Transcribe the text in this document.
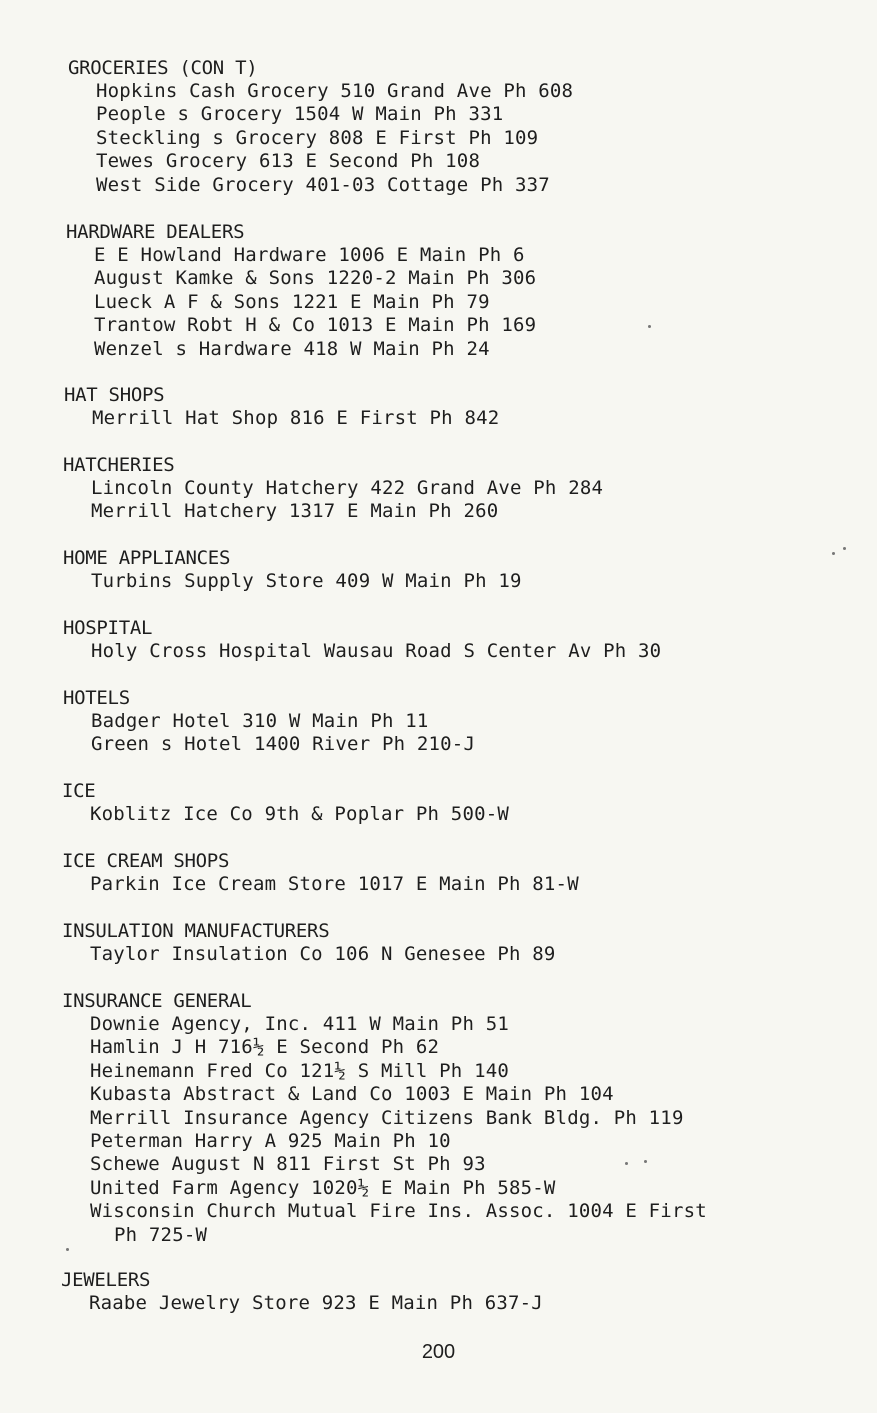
GROCERIES (CON T)

Hopkins Cash Grocery 510 Grand Ave Ph 608

People s Grocery 1504 W Main Ph 331

Steckling s Grocery 808 E First Ph 109

Tewes Grocery 613 E Second Ph 108

West Side Grocery 401-03 Cottage Ph 337

HARDWARE DEALERS

E E Howland Hardware 1006 E Main Ph 6

August Kamke & Sons 1220-2 Main Ph 306

Lueck A F & Sons 1221 E Main Ph 79

Trantow Robt H & Co 1013 E Main Ph 169

Wenzel s Hardware 418 W Main Ph 24

HAT SHOPS

Merrill Hat Shop 816 E First Ph 842

HATCHERIES

Lincoln County Hatchery 422 Grand Ave Ph 284

Merrill Hatchery 1317 E Main Ph 260

HOME APPLIANCES

Turbins Supply Store 409 W Main Ph 19

HOSPITAL

Holy Cross Hospital Wausau Road S Center Av Ph 30

HOTELS

Badger Hotel 310 W Main Ph 11

Green s Hotel 1400 River Ph 210-J

ICE

Koblitz Ice Co 9th & Poplar Ph 500-W

ICE CREAM SHOPS

Parkin Ice Cream Store 1017 E Main Ph 81-W

INSULATION MANUFACTURERS

Taylor Insulation Co 106 N Genesee Ph 89

INSURANCE GENERAL

Downie Agency, Inc. 411 W Main Ph 51

Hamlin J H 716½ E Second Ph 62

Heinemann Fred Co 121½ S Mill Ph 140

Kubasta Abstract & Land Co 1003 E Main Ph 104

Merrill Insurance Agency Citizens Bank Bldg. Ph 119

Peterman Harry A 925 Main Ph 10

Schewe August N 811 First St Ph 93

United Farm Agency 1020½ E Main Ph 585-W

Wisconsin Church Mutual Fire Ins. Assoc. 1004 E First

Ph 725-W

JEWELERS

Raabe Jewelry Store 923 E Main Ph 637-J

200
